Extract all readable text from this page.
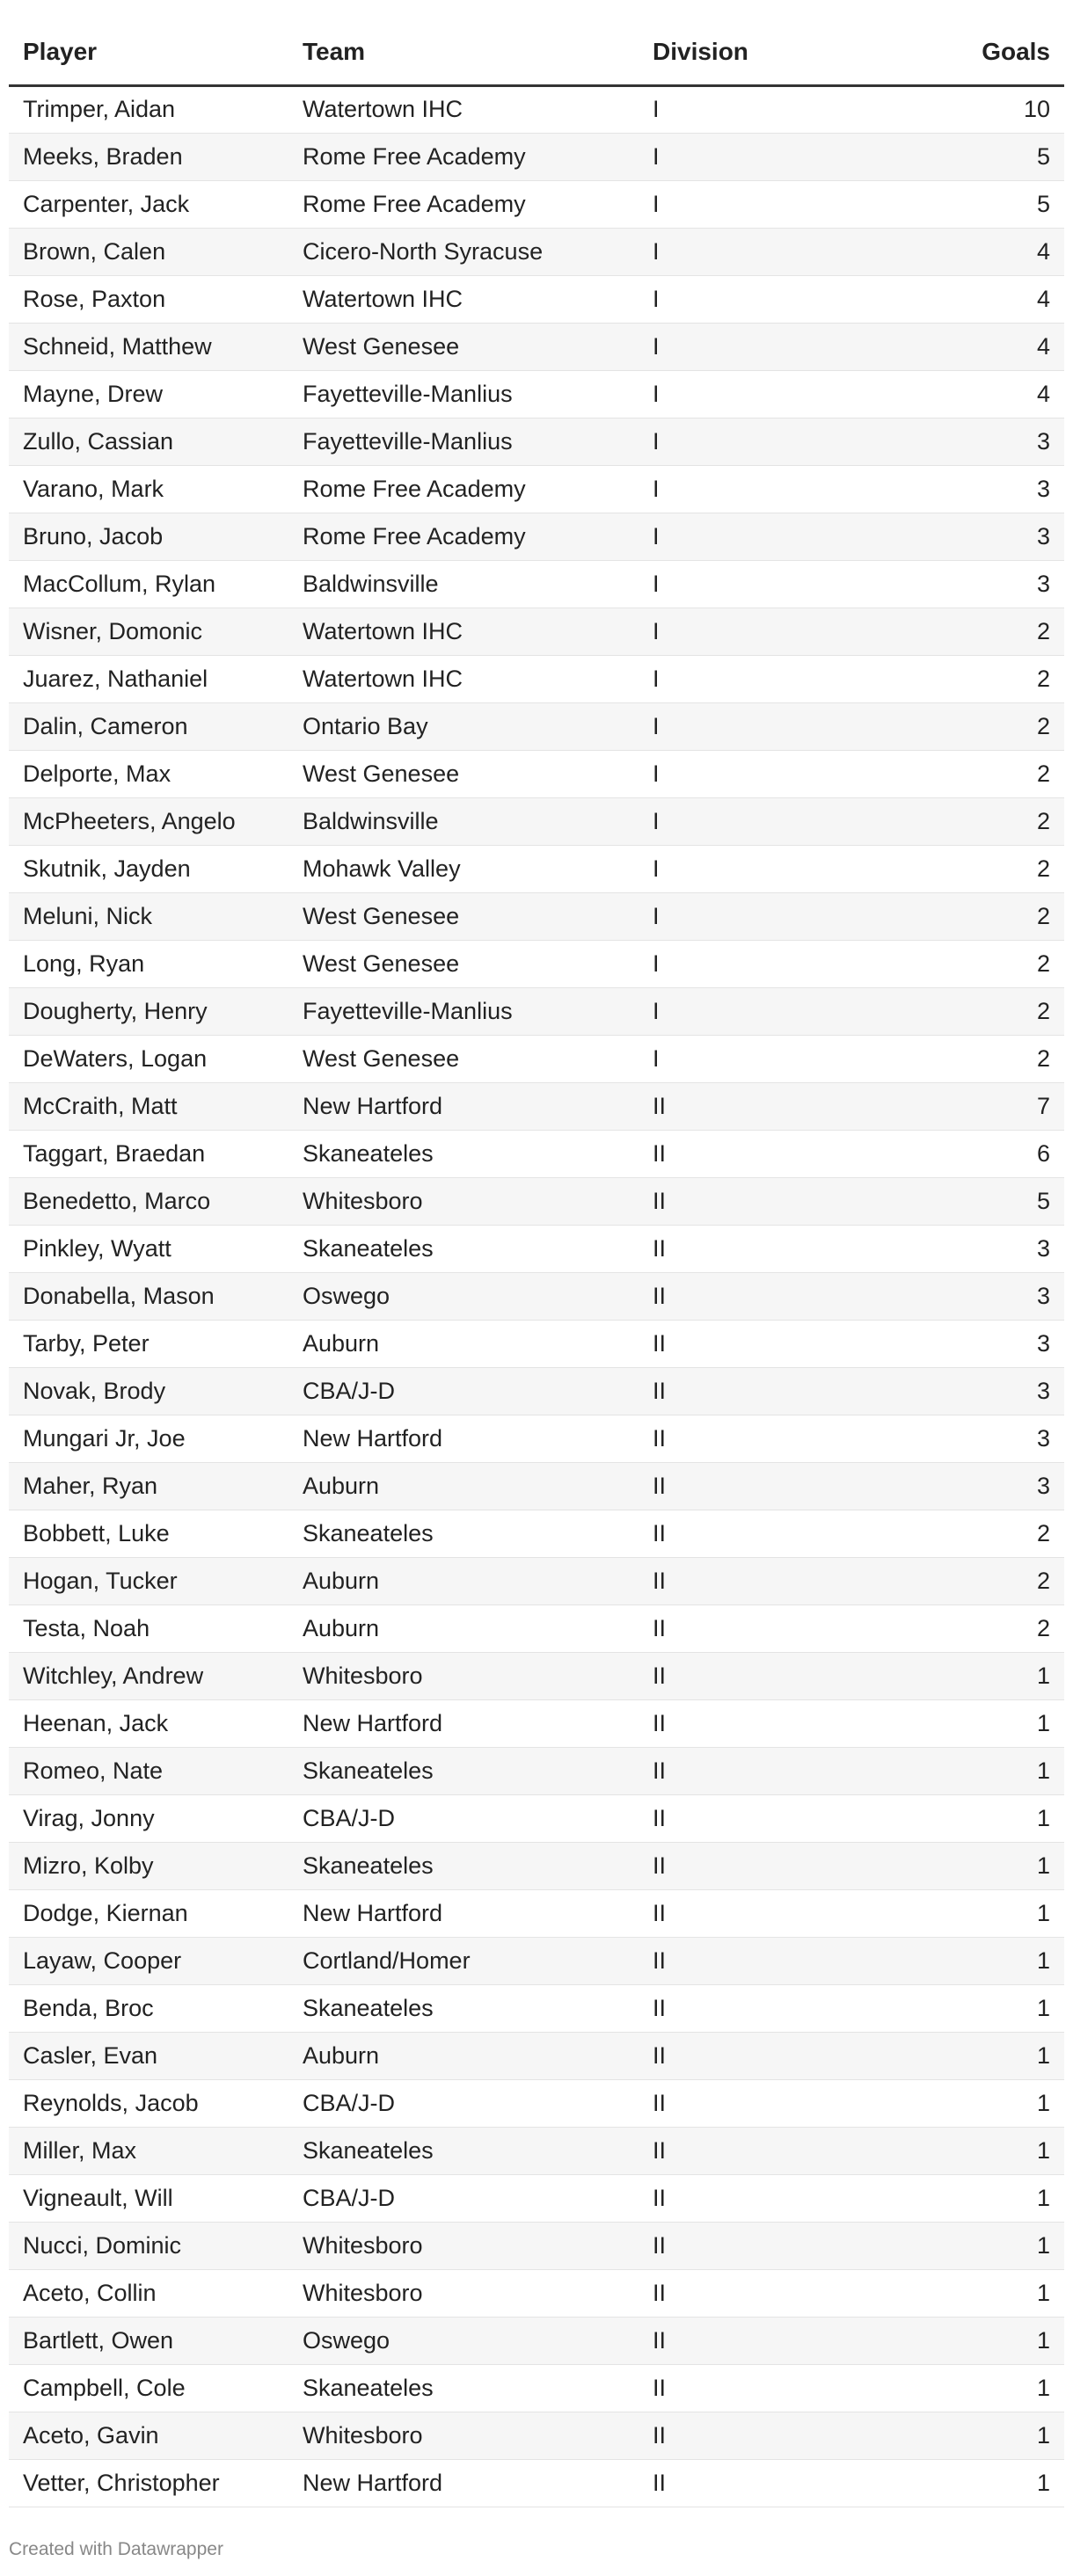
Player	Team	Division	Goals
Trimper, Aidan	Watertown IHC	I	10
Meeks, Braden	Rome Free Academy	I	5
Carpenter, Jack	Rome Free Academy	I	5
Brown, Calen	Cicero-North Syracuse	I	4
Rose, Paxton	Watertown IHC	I	4
Schneid, Matthew	West Genesee	I	4
Mayne, Drew	Fayetteville-Manlius	I	4
Zullo, Cassian	Fayetteville-Manlius	I	3
Varano, Mark	Rome Free Academy	I	3
Bruno, Jacob	Rome Free Academy	I	3
MacCollum, Rylan	Baldwinsville	I	3
Wisner, Domonic	Watertown IHC	I	2
Juarez, Nathaniel	Watertown IHC	I	2
Dalin, Cameron	Ontario Bay	I	2
Delporte, Max	West Genesee	I	2
McPheeters, Angelo	Baldwinsville	I	2
Skutnik, Jayden	Mohawk Valley	I	2
Meluni, Nick	West Genesee	I	2
Long, Ryan	West Genesee	I	2
Dougherty, Henry	Fayetteville-Manlius	I	2
DeWaters, Logan	West Genesee	I	2
McCraith, Matt	New Hartford	II	7
Taggart, Braedan	Skaneateles	II	6
Benedetto, Marco	Whitesboro	II	5
Pinkley, Wyatt	Skaneateles	II	3
Donabella, Mason	Oswego	II	3
Tarby, Peter	Auburn	II	3
Novak, Brody	CBA/J-D	II	3
Mungari Jr, Joe	New Hartford	II	3
Maher, Ryan	Auburn	II	3
Bobbett, Luke	Skaneateles	II	2
Hogan, Tucker	Auburn	II	2
Testa, Noah	Auburn	II	2
Witchley, Andrew	Whitesboro	II	1
Heenan, Jack	New Hartford	II	1
Romeo, Nate	Skaneateles	II	1
Virag, Jonny	CBA/J-D	II	1
Mizro, Kolby	Skaneateles	II	1
Dodge, Kiernan	New Hartford	II	1
Layaw, Cooper	Cortland/Homer	II	1
Benda, Broc	Skaneateles	II	1
Casler, Evan	Auburn	II	1
Reynolds, Jacob	CBA/J-D	II	1
Miller, Max	Skaneateles	II	1
Vigneault, Will	CBA/J-D	II	1
Nucci, Dominic	Whitesboro	II	1
Aceto, Collin	Whitesboro	II	1
Bartlett, Owen	Oswego	II	1
Campbell, Cole	Skaneateles	II	1
Aceto, Gavin	Whitesboro	II	1
Vetter, Christopher	New Hartford	II	1
Created with Datawrapper
